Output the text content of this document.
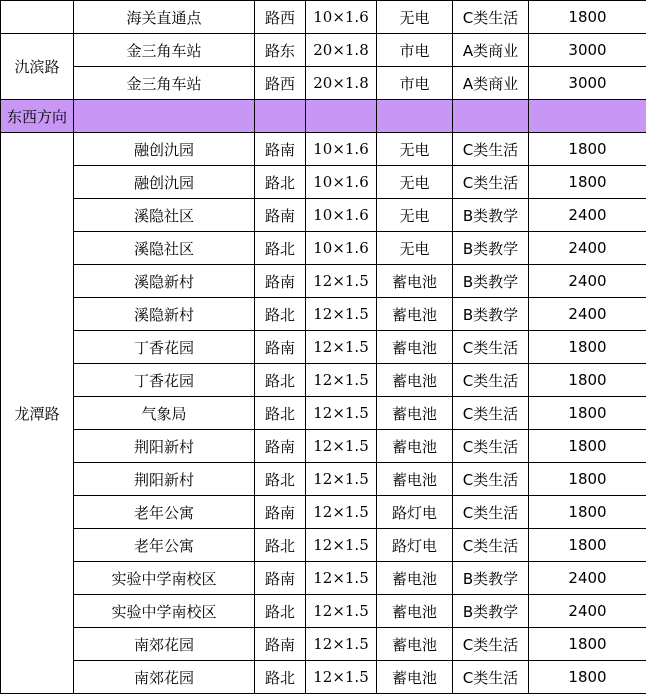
	海关直通点	路西	10×1.6	无电	C类生活	1800
氿滨路	金三角车站	路东	20×1.8	市电	A类商业	3000
	金三角车站	路西	20×1.8	市电	A类商业	3000
东西方向						
龙潭路	融创氿园	路南	10×1.6	无电	C类生活	1800
	融创氿园	路北	10×1.6	无电	C类生活	1800
	溪隐社区	路南	10×1.6	无电	B类教学	2400
	溪隐社区	路北	10×1.6	无电	B类教学	2400
	溪隐新村	路南	12×1.5	蓄电池	B类教学	2400
	溪隐新村	路北	12×1.5	蓄电池	B类教学	2400
	丁香花园	路南	12×1.5	蓄电池	C类生活	1800
	丁香花园	路北	12×1.5	蓄电池	C类生活	1800
	气象局	路北	12×1.5	蓄电池	C类生活	1800
	荆阳新村	路南	12×1.5	蓄电池	C类生活	1800
	荆阳新村	路北	12×1.5	蓄电池	C类生活	1800
	老年公寓	路南	12×1.5	路灯电	C类生活	1800
	老年公寓	路北	12×1.5	路灯电	C类生活	1800
	实验中学南校区	路南	12×1.5	蓄电池	B类教学	2400
	实验中学南校区	路北	12×1.5	蓄电池	B类教学	2400
	南郊花园	路南	12×1.5	蓄电池	C类生活	1800
	南郊花园	路北	12×1.5	蓄电池	C类生活	1800
